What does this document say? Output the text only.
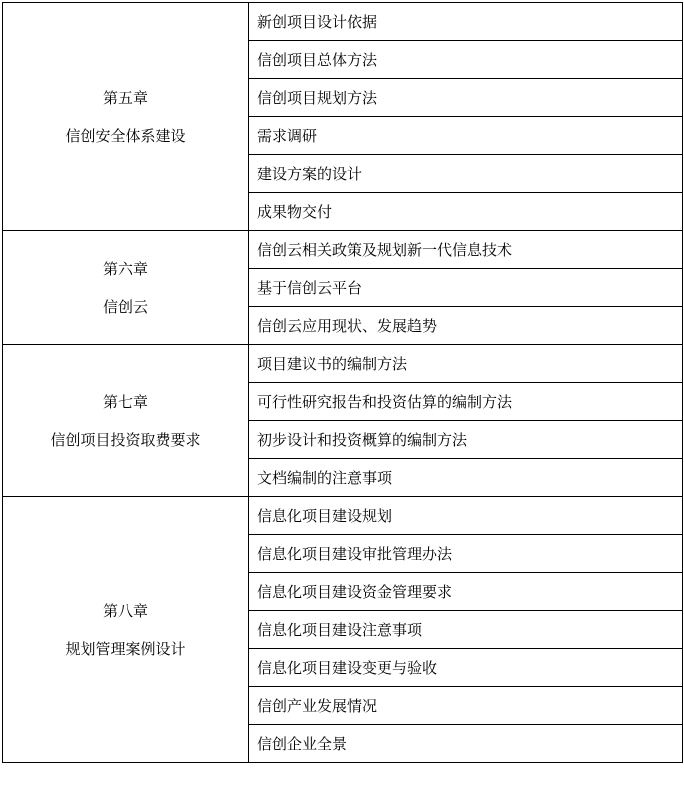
第五章
信创安全体系建设	新创项目设计依据
	信创项目总体方法
	信创项目规划方法
	需求调研
	建设方案的设计
	成果物交付

第六章
信创云	信创云相关政策及规划新一代信息技术
	基于信创云平台
	信创云应用现状、发展趋势

第七章
信创项目投资取费要求	项目建议书的编制方法
	可行性研究报告和投资估算的编制方法
	初步设计和投资概算的编制方法
	文档编制的注意事项

第八章
规划管理案例设计	信息化项目建设规划
	信息化项目建设审批管理办法
	信息化项目建设资金管理要求
	信息化项目建设注意事项
	信息化项目建设变更与验收
	信创产业发展情况
	信创企业全景
